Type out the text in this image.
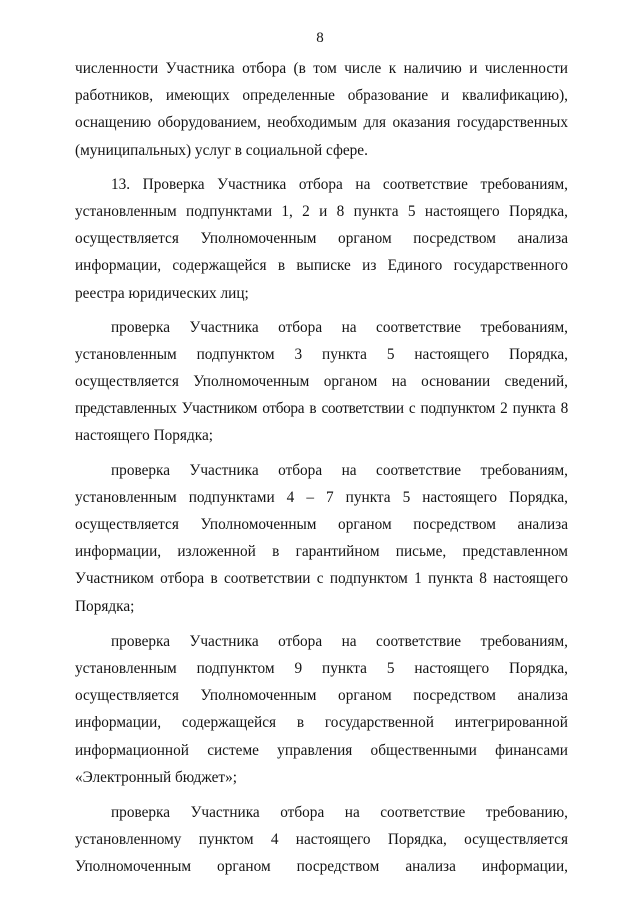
8
численности Участника отбора (в том числе к наличию и численности
работников, имеющих определенные образование и квалификацию),
оснащению оборудованием, необходимым для оказания государственных
(муниципальных) услуг в социальной сфере.
13. Проверка Участника отбора на соответствие требованиям,
установленным подпунктами 1, 2 и 8 пункта 5 настоящего Порядка,
осуществляется Уполномоченным органом посредством анализа
информации, содержащейся в выписке из Единого государственного
реестра юридических лиц;
проверка Участника отбора на соответствие требованиям,
установленным подпунктом 3 пункта 5 настоящего Порядка,
осуществляется Уполномоченным органом на основании сведений,
представленных Участником отбора в соответствии с подпунктом 2 пункта 8
настоящего Порядка;
проверка Участника отбора на соответствие требованиям,
установленным подпунктами 4 – 7 пункта 5 настоящего Порядка,
осуществляется Уполномоченным органом посредством анализа
информации, изложенной в гарантийном письме, представленном
Участником отбора в соответствии с подпунктом 1 пункта 8 настоящего
Порядка;
проверка Участника отбора на соответствие требованиям,
установленным подпунктом 9 пункта 5 настоящего Порядка,
осуществляется Уполномоченным органом посредством анализа
информации, содержащейся в государственной интегрированной
информационной системе управления общественными финансами
«Электронный бюджет»;
проверка Участника отбора на соответствие требованию,
установленному пунктом 4 настоящего Порядка, осуществляется
Уполномоченным органом посредством анализа информации,
